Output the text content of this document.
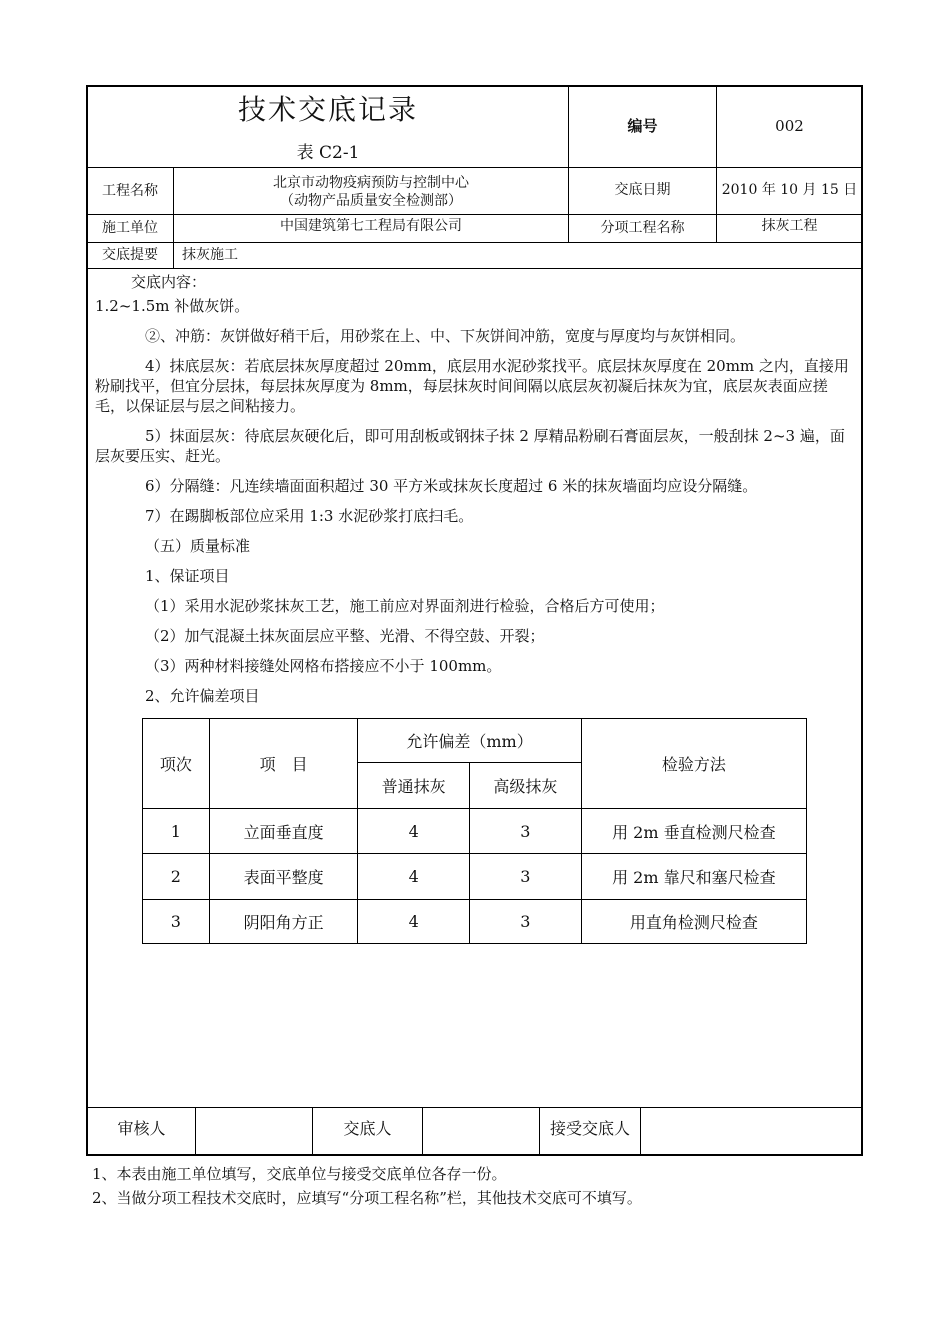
技术交底记录
表 C2-1
编号	002
工程名称	北京市动物疫病预防与控制中心
（动物产品质量安全检测部）
交底日期	2010 年 10 月 15 日
施工单位	中国建筑第七工程局有限公司	分项工程名称	抹灰工程
交底提要	抹灰施工

交底内容：

1.2~1.5m 补做灰饼。

②、冲筋：灰饼做好稍干后，用砂浆在上、中、下灰饼间冲筋，宽度与厚度均与灰饼相同。

4）抹底层灰：若底层抹灰厚度超过 20mm，底层用水泥砂浆找平。底层抹灰厚度在 20mm 之内，直接用粉刷找平，但宜分层抹，每层抹灰厚度为 8mm，每层抹灰时间间隔以底层灰初凝后抹灰为宜，底层灰表面应搓毛，以保证层与层之间粘接力。

5）抹面层灰：待底层灰硬化后，即可用刮板或钢抹子抹 2 厚精品粉刷石膏面层灰，一般刮抹 2~3 遍，面层灰要压实、赶光。

6）分隔缝：凡连续墙面面积超过 30 平方米或抹灰长度超过 6 米的抹灰墙面均应设分隔缝。

7）在踢脚板部位应采用 1:3 水泥砂浆打底扫毛。

（五）质量标准

1、保证项目

（1）采用水泥砂浆抹灰工艺，施工前应对界面剂进行检验，合格后方可使用；

（2）加气混凝土抹灰面层应平整、光滑、不得空鼓、开裂；

（3）两种材料接缝处网格布搭接应不小于 100mm。

2、允许偏差项目

项次	项　目	允许偏差（mm）		检验方法
		普通抹灰	高级抹灰	
1	立面垂直度	4	3	用 2m 垂直检测尺检查
2	表面平整度	4	3	用 2m 靠尺和塞尺检查
3	阴阳角方正	4	3	用直角检测尺检查
审核人	交底人	接受交底人

1、本表由施工单位填写，交底单位与接受交底单位各存一份。

2、当做分项工程技术交底时，应填写“分项工程名称”栏，其他技术交底可不填写。
